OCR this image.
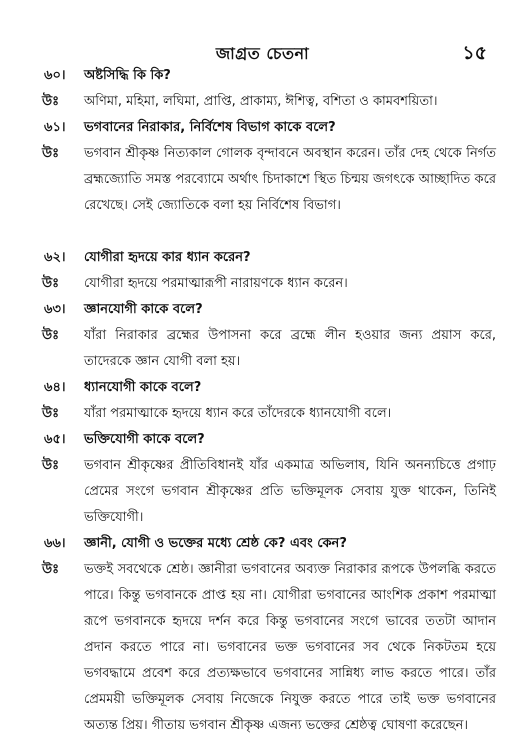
জাগ্রত চেতনা	১৫
৬০।	অষ্টসিদ্ধি কি কি?
উঃ	অণিমা, মহিমা, লঘিমা, প্রাপ্তি, প্রাকাম্য, ঈশিত্ব, বশিতা ও কামবশয়িতা।
৬১।	ভগবানের নিরাকার, নির্বিশেষ বিভাগ কাকে বলে?
উঃ	ভগবান শ্রীকৃষ্ণ নিত্যকাল গোলক বৃন্দাবনে অবস্থান করেন। তাঁর দেহ থেকে নির্গত ব্রহ্মজ্যোতি সমস্ত পরব্যোমে অর্থাৎ চিদাকাশে স্থিত চিন্ময় জগৎকে আচ্ছাদিত করে রেখেছে। সেই জ্যোতিকে বলা হয় নির্বিশেষ বিভাগ।
৬২।	যোগীরা হৃদয়ে কার ধ্যান করেন?
উঃ	যোগীরা হৃদয়ে পরমাত্মারূপী নারায়ণকে ধ্যান করেন।
৬৩।	জ্ঞানযোগী কাকে বলে?
উঃ	যাঁরা নিরাকার ব্রহ্মের উপাসনা করে ব্রহ্মে লীন হওয়ার জন্য প্রয়াস করে, তাদেরকে জ্ঞান যোগী বলা হয়।
৬৪।	ধ্যানযোগী কাকে বলে?
উঃ	যাঁরা পরমাত্মাকে হৃদয়ে ধ্যান করে তাঁদেরকে ধ্যানযোগী বলে।
৬৫।	ভক্তিযোগী কাকে বলে?
উঃ	ভগবান শ্রীকৃষ্ণের প্রীতিবিধানই যাঁর একমাত্র অভিলাষ, যিনি অনন্যচিত্তে প্রগাঢ় প্রেমের সংগে ভগবান শ্রীকৃষ্ণের প্রতি ভক্তিমূলক সেবায় যুক্ত থাকেন, তিনিই ভক্তিযোগী।
৬৬।	জ্ঞানী, যোগী ও ভক্তের মধ্যে শ্রেষ্ঠ কে? এবং কেন?
উঃ	ভক্তই সবথেকে শ্রেষ্ঠ। জ্ঞানীরা ভগবানের অব্যক্ত নিরাকার রূপকে উপলব্ধি করতে পারে। কিন্তু ভগবানকে প্রাপ্ত হয় না। যোগীরা ভগবানের আংশিক প্রকাশ পরমাত্মা রূপে ভগবানকে হৃদয়ে দর্শন করে কিন্তু ভগবানের সংগে ভাবের ততটা আদান প্রদান করতে পারে না। ভগবানের ভক্ত ভগবানের সব থেকে নিকটতম হয়ে ভগবদ্ধামে প্রবেশ করে প্রত্যক্ষভাবে ভগবানের সান্নিধ্য লাভ করতে পারে। তাঁর প্রেমময়ী ভক্তিমূলক সেবায় নিজেকে নিযুক্ত করতে পারে তাই ভক্ত ভগবানের অত্যন্ত প্রিয়। গীতায় ভগবান শ্রীকৃষ্ণ এজন্য ভক্তের শ্রেষ্ঠত্ব ঘোষণা করেছেন।
